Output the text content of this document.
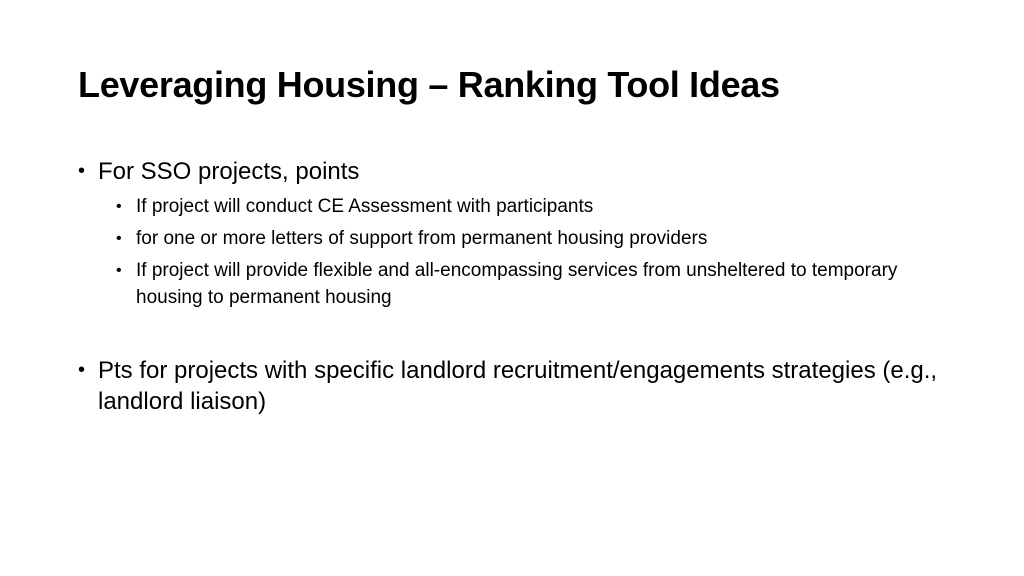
Leveraging Housing – Ranking Tool Ideas
• For SSO projects, points
• If project will conduct CE Assessment with participants
• for one or more letters of support from permanent housing providers
• If project will provide flexible and all-encompassing services from unsheltered to temporary housing to permanent housing
• Pts for projects with specific landlord recruitment/engagements strategies (e.g., landlord liaison)
